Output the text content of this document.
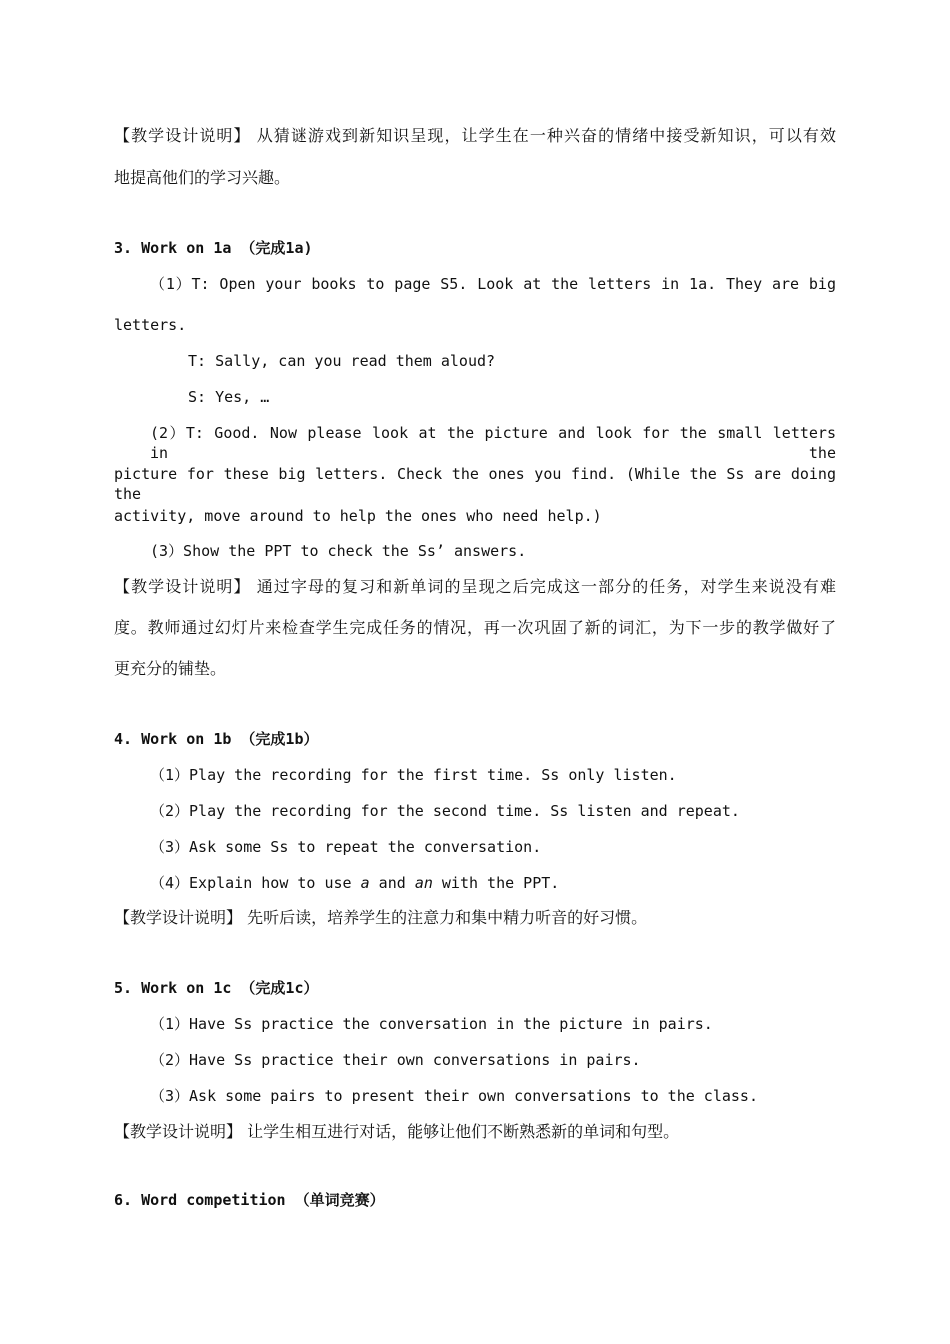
【教学设计说明】 从猜谜游戏到新知识呈现，让学生在一种兴奋的情绪中接受新知识，可以有效
地提高他们的学习兴趣。
3. Work on 1a （完成1a)
（1）T: Open your books to page S5. Look at the letters in 1a. They are big
letters.
T: Sally, can you read them aloud?
S: Yes, …
(2）T: Good. Now please look at the picture and look for the small letters in the
picture for these big letters. Check the ones you find. (While the Ss are doing the
activity, move around to help the ones who need help.)
(3）Show the PPT to check the Ss’ answers.
【教学设计说明】 通过字母的复习和新单词的呈现之后完成这一部分的任务，对学生来说没有难
度。教师通过幻灯片来检查学生完成任务的情况，再一次巩固了新的词汇，为下一步的教学做好了
更充分的铺垫。
4. Work on 1b （完成1b）
（1）Play the recording for the first time. Ss only listen.
（2）Play the recording for the second time. Ss listen and repeat.
（3）Ask some Ss to repeat the conversation.
（4）Explain how to use a and an with the PPT.
【教学设计说明】 先听后读，培养学生的注意力和集中精力听音的好习惯。
5. Work on 1c （完成1c）
（1）Have Ss practice the conversation in the picture in pairs.
（2）Have Ss practice their own conversations in pairs.
（3）Ask some pairs to present their own conversations to the class.
【教学设计说明】 让学生相互进行对话，能够让他们不断熟悉新的单词和句型。
6. Word competition （单词竞赛）
